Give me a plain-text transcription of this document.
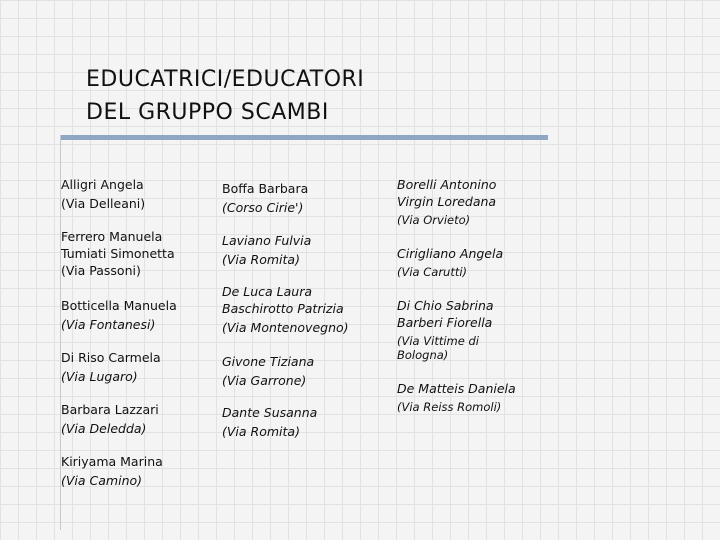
EDUCATRICI/EDUCATORI
DEL GRUPPO SCAMBI
Alligri Angela
(Via Delleani)
Ferrero Manuela
Tumiati Simonetta
(Via Passoni)
Botticella Manuela
(Via Fontanesi)
Di Riso Carmela
(Via Lugaro)
Barbara Lazzari
(Via Deledda)
Kiriyama Marina
(Via Camino)
Boffa Barbara
(Corso Cirie')
Laviano Fulvia
(Via Romita)
De Luca Laura
Baschirotto Patrizia
(Via Montenovegno)
Givone Tiziana
(Via Garrone)
Dante Susanna
(Via Romita)
Borelli Antonino
Virgin Loredana
(Via Orvieto)
Cirigliano Angela
(Via Carutti)
Di Chio Sabrina
Barberi Fiorella
(Via Vittime di
Bologna)
De Matteis Daniela
(Via Reiss Romoli)
